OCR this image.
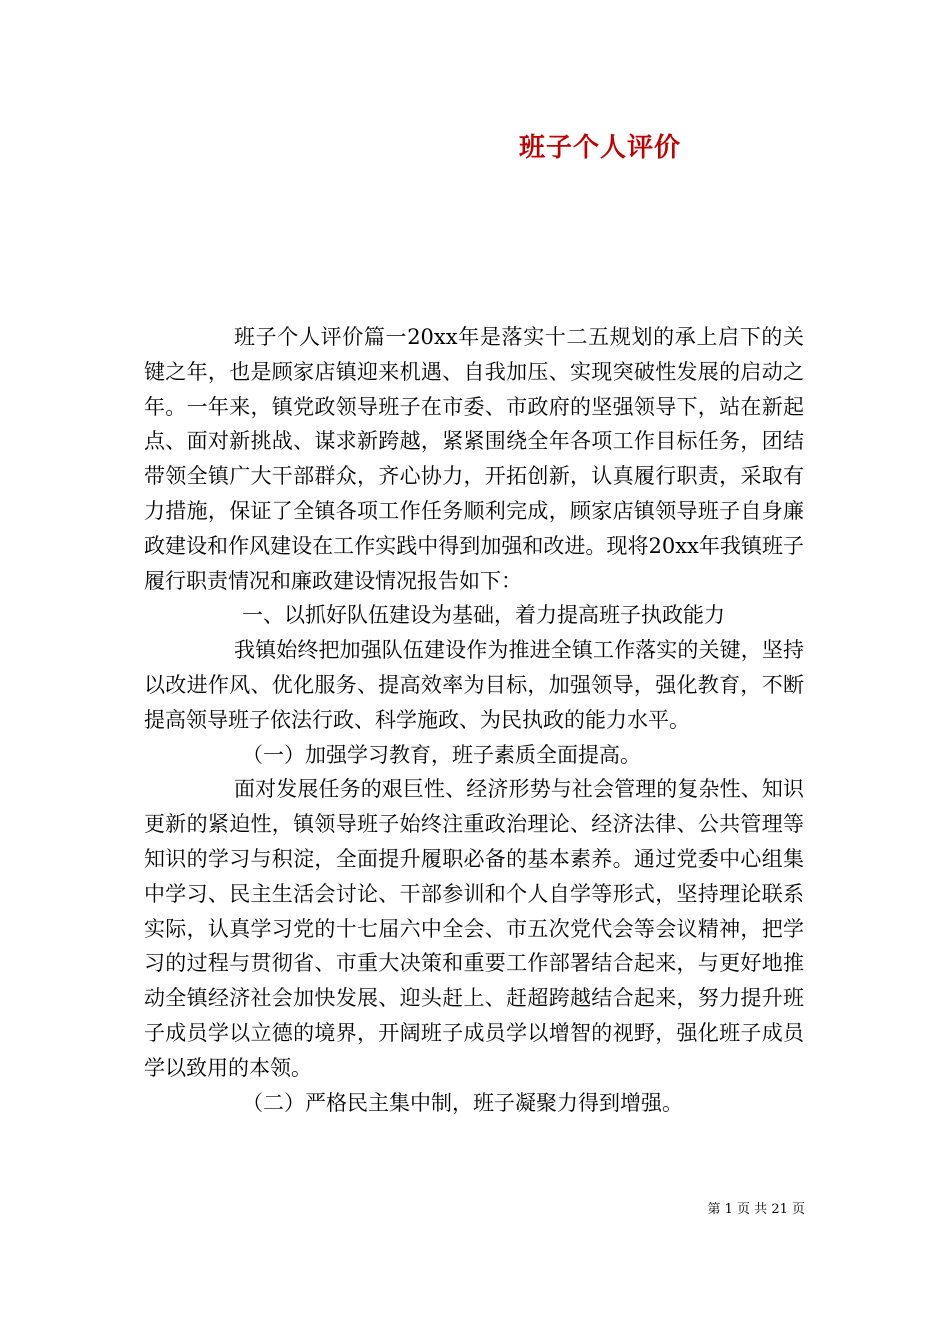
班子个人评价

班子个人评价篇一20xx年是落实十二五规划的承上启下的关键之年，也是顾家店镇迎来机遇、自我加压、实现突破性发展的启动之年。一年来，镇党政领导班子在市委、市政府的坚强领导下，站在新起点、面对新挑战、谋求新跨越，紧紧围绕全年各项工作目标任务，团结带领全镇广大干部群众，齐心协力，开拓创新，认真履行职责，采取有力措施，保证了全镇各项工作任务顺利完成，顾家店镇领导班子自身廉政建设和作风建设在工作实践中得到加强和改进。现将20xx年我镇班子履行职责情况和廉政建设情况报告如下：

一、以抓好队伍建设为基础，着力提高班子执政能力

我镇始终把加强队伍建设作为推进全镇工作落实的关键，坚持以改进作风、优化服务、提高效率为目标，加强领导，强化教育，不断提高领导班子依法行政、科学施政、为民执政的能力水平。

（一）加强学习教育，班子素质全面提高。

面对发展任务的艰巨性、经济形势与社会管理的复杂性、知识更新的紧迫性，镇领导班子始终注重政治理论、经济法律、公共管理等知识的学习与积淀，全面提升履职必备的基本素养。通过党委中心组集中学习、民主生活会讨论、干部参训和个人自学等形式，坚持理论联系实际，认真学习党的十七届六中全会、市五次党代会等会议精神，把学习的过程与贯彻省、市重大决策和重要工作部署结合起来，与更好地推动全镇经济社会加快发展、迎头赶上、赶超跨越结合起来，努力提升班子成员学以立德的境界，开阔班子成员学以增智的视野，强化班子成员学以致用的本领。

（二）严格民主集中制，班子凝聚力得到增强。

第 1 页 共 21 页
